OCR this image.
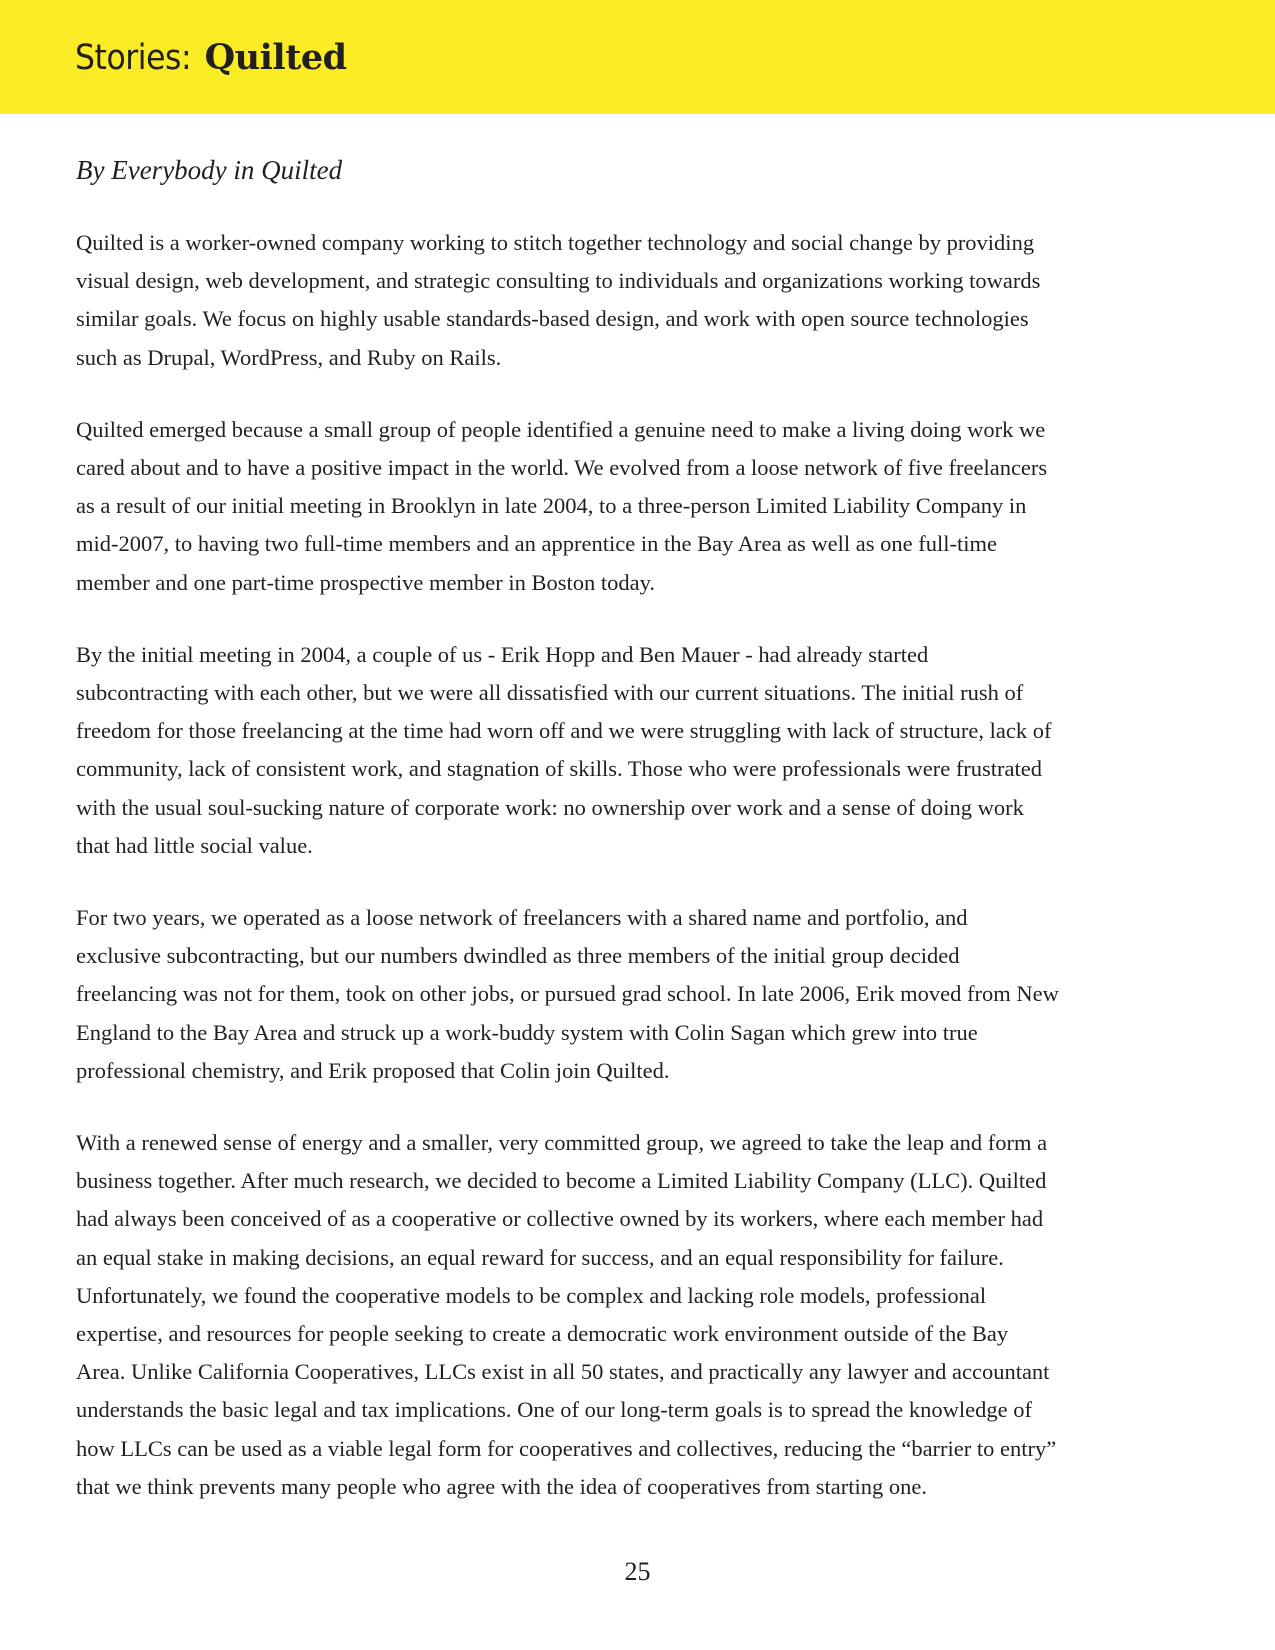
Stories: Quilted
By Everybody in Quilted

Quilted is a worker-owned company working to stitch together technology and social change by providing
visual design, web development, and strategic consulting to individuals and organizations working towards
similar goals. We focus on highly usable standards-based design, and work with open source technologies
such as Drupal, WordPress, and Ruby on Rails.

Quilted emerged because a small group of people identified a genuine need to make a living doing work we
cared about and to have a positive impact in the world. We evolved from a loose network of five freelancers
as a result of our initial meeting in Brooklyn in late 2004, to a three-person Limited Liability Company in
mid-2007, to having two full-time members and an apprentice in the Bay Area as well as one full-time
member and one part-time prospective member in Boston today.

By the initial meeting in 2004, a couple of us - Erik Hopp and Ben Mauer - had already started
subcontracting with each other, but we were all dissatisfied with our current situations. The initial rush of
freedom for those freelancing at the time had worn off and we were struggling with lack of structure, lack of
community, lack of consistent work, and stagnation of skills. Those who were professionals were frustrated
with the usual soul-sucking nature of corporate work: no ownership over work and a sense of doing work
that had little social value.

For two years, we operated as a loose network of freelancers with a shared name and portfolio, and
exclusive subcontracting, but our numbers dwindled as three members of the initial group decided
freelancing was not for them, took on other jobs, or pursued grad school. In late 2006, Erik moved from New
England to the Bay Area and struck up a work-buddy system with Colin Sagan which grew into true
professional chemistry, and Erik proposed that Colin join Quilted.

With a renewed sense of energy and a smaller, very committed group, we agreed to take the leap and form a
business together. After much research, we decided to become a Limited Liability Company (LLC). Quilted
had always been conceived of as a cooperative or collective owned by its workers, where each member had
an equal stake in making decisions, an equal reward for success, and an equal responsibility for failure.
Unfortunately, we found the cooperative models to be complex and lacking role models, professional
expertise, and resources for people seeking to create a democratic work environment outside of the Bay
Area. Unlike California Cooperatives, LLCs exist in all 50 states, and practically any lawyer and accountant
understands the basic legal and tax implications. One of our long-term goals is to spread the knowledge of
how LLCs can be used as a viable legal form for cooperatives and collectives, reducing the “barrier to entry”
that we think prevents many people who agree with the idea of cooperatives from starting one.

25
